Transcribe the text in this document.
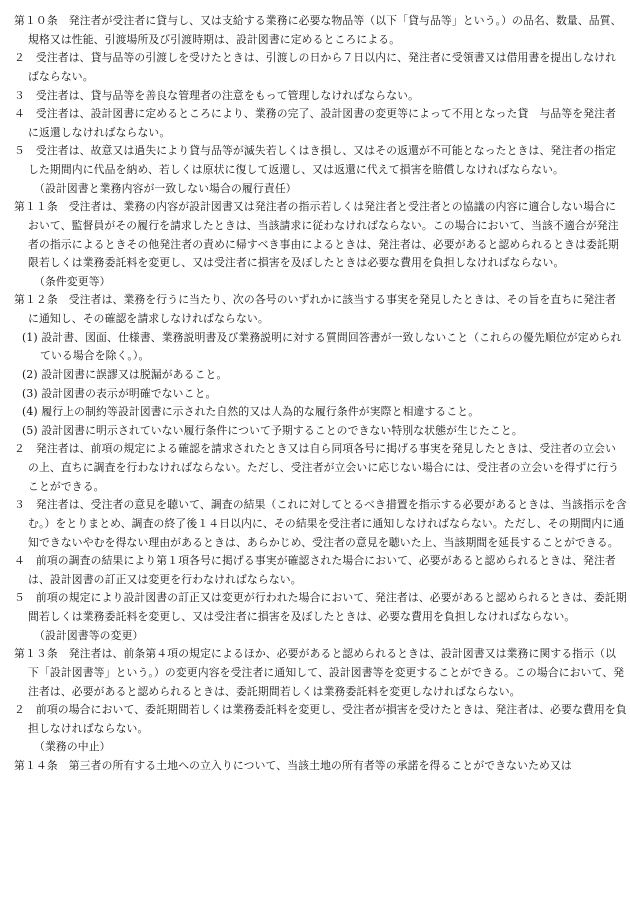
第１０条　発注者が受注者に貸与し、又は支給する業務に必要な物品等（以下「貸与品等」という。）の品名、数量、品質、規格又は性能、引渡場所及び引渡時期は、設計図書に定めるところによる。

２　受注者は、貸与品等の引渡しを受けたときは、引渡しの日から７日以内に、発注者に受領書又は借用書を提出しなければならない。

３　受注者は、貸与品等を善良な管理者の注意をもって管理しなければならない。

４　受注者は、設計図書に定めるところにより、業務の完了、設計図書の変更等によって不用となった貸　与品等を発注者に返還しなければならない。

５　受注者は、故意又は過失により貸与品等が滅失若しくはき損し、又はその返還が不可能となったときは、発注者の指定した期間内に代品を納め、若しくは原状に復して返還し、又は返還に代えて損害を賠償しなければならない。

（設計図書と業務内容が一致しない場合の履行責任）

第１１条　受注者は、業務の内容が設計図書又は発注者の指示若しくは発注者と受注者との協議の内容に適合しない場合において、監督員がその履行を請求したときは、当該請求に従わなければならない。この場合において、当該不適合が発注者の指示によるときその他発注者の責めに帰すべき事由によるときは、発注者は、必要があると認められるときは委託期限若しくは業務委託料を変更し、又は受注者に損害を及ぼしたときは必要な費用を負担しなければならない。

（条件変更等）

第１２条　受注者は、業務を行うに当たり、次の各号のいずれかに該当する事実を発見したときは、その旨を直ちに発注者に通知し、その確認を請求しなければならない。

(1) 設計書、図面、仕様書、業務説明書及び業務説明に対する質問回答書が一致しないこと（これらの優先順位が定められている場合を除く。）。

(2) 設計図書に誤謬又は脱漏があること。

(3) 設計図書の表示が明確でないこと。

(4) 履行上の制約等設計図書に示された自然的又は人為的な履行条件が実際と相違すること。

(5) 設計図書に明示されていない履行条件について予期することのできない特別な状態が生じたこと。

２　発注者は、前項の規定による確認を請求されたとき又は自ら同項各号に掲げる事実を発見したときは、受注者の立会いの上、直ちに調査を行わなければならない。ただし、受注者が立会いに応じない場合には、受注者の立会いを得ずに行うことができる。

３　発注者は、受注者の意見を聴いて、調査の結果（これに対してとるべき措置を指示する必要があるときは、当該指示を含む。）をとりまとめ、調査の終了後１４日以内に、その結果を受注者に通知しなければならない。ただし、その期間内に通知できないやむを得ない理由があるときは、あらかじめ、受注者の意見を聴いた上、当該期間を延長することができる。

４　前項の調査の結果により第１項各号に掲げる事実が確認された場合において、必要があると認められるときは、発注者は、設計図書の訂正又は変更を行わなければならない。

５　前項の規定により設計図書の訂正又は変更が行われた場合において、発注者は、必要があると認められるときは、委託期間若しくは業務委託料を変更し、又は受注者に損害を及ぼしたときは、必要な費用を負担しなければならない。

（設計図書等の変更）

第１３条　発注者は、前条第４項の規定によるほか、必要があると認められるときは、設計図書又は業務に関する指示（以下「設計図書等」という。）の変更内容を受注者に通知して、設計図書等を変更することができる。この場合において、発注者は、必要があると認められるときは、委託期間若しくは業務委託料を変更しなければならない。

２　前項の場合において、委託期間若しくは業務委託料を変更し、受注者が損害を受けたときは、発注者は、必要な費用を負担しなければならない。

（業務の中止）

第１４条　第三者の所有する土地への立入りについて、当該土地の所有者等の承諾を得ることができないため又は
